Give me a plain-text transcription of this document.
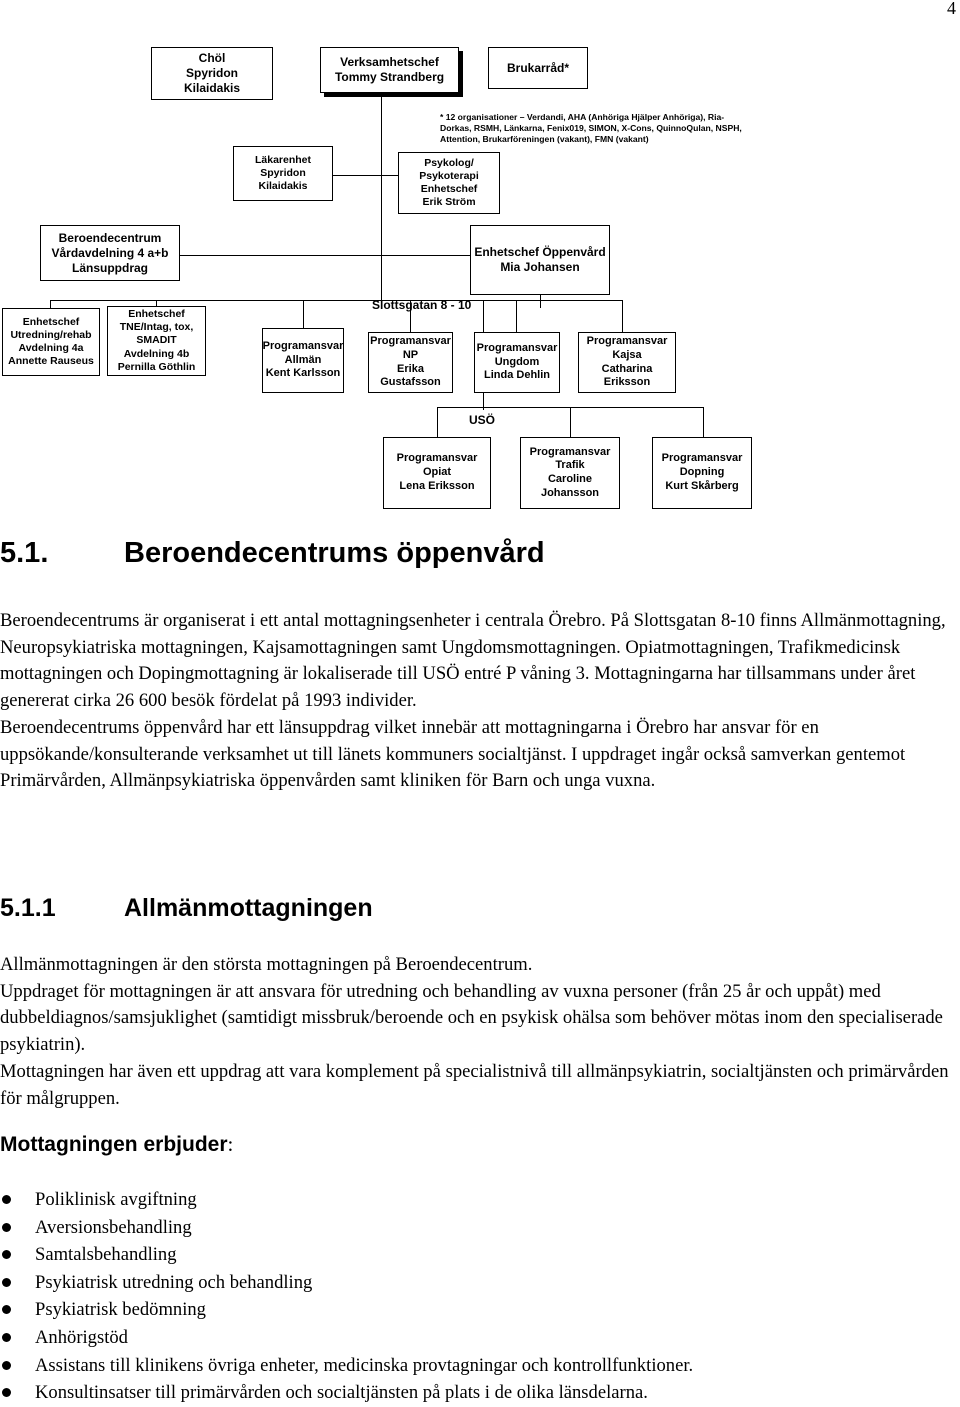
4
Chöl
Spyridon
Kilaidakis
Verksamhetschef
Tommy Strandberg
Brukarråd*
* 12 organisationer – Verdandi, AHA (Anhöriga Hjälper Anhöriga), Ria-
Dorkas, RSMH, Länkarna, Fenix019, SIMON, X-Cons, QuinnoQulan, NSPH,
Attention, Brukarföreningen (vakant), FMN (vakant)
Läkarenhet
Spyridon
Kilaidakis
Psykolog/
Psykoterapi
Enhetschef
Erik Ström
Beroendecentrum
Vårdavdelning 4 a+b
Länsuppdrag
Enhetschef Öppenvård
Mia Johansen
Enhetschef
Utredning/rehab
Avdelning 4a
Annette Rauseus
Enhetschef
TNE/Intag, tox,
SMADIT
Avdelning 4b
Pernilla Göthlin
Slottsgatan 8 - 10
Programansvar
Allmän
Kent Karlsson
Programansvar
NP
Erika Gustafsson
Programansvar
Ungdom
Linda Dehlin
Programansvar
Kajsa
Catharina Eriksson
USÖ
Programansvar
Opiat
Lena Eriksson
Programansvar
Trafik
Caroline
Johansson
Programansvar
Dopning
Kurt Skårberg
5.1.	Beroendecentrums öppenvård

Beroendecentrums är organiserat i ett antal mottagningsenheter i centrala Örebro. På Slottsgatan 8-10 finns Allmänmottagning, Neuropsykiatriska mottagningen, Kajsamottagningen samt Ungdomsmottagningen. Opiatmottagningen, Trafikmedicinsk mottagningen och Dopingmottagning är lokaliserade till USÖ entré P våning 3. Mottagningarna har tillsammans under året genererat cirka 26 600 besök fördelat på 1993 individer.

Beroendecentrums öppenvård har ett länsuppdrag vilket innebär att mottagningarna i Örebro har ansvar för en uppsökande/konsulterande verksamhet ut till länets kommuners socialtjänst. I uppdraget ingår också samverkan gentemot Primärvården, Allmänpsykiatriska öppenvården samt kliniken för Barn och unga vuxna.

5.1.1	Allmänmottagningen

Allmänmottagningen är den största mottagningen på Beroendecentrum.

Uppdraget för mottagningen är att ansvara för utredning och behandling av vuxna personer (från 25 år och uppåt) med dubbeldiagnos/samsjuklighet (samtidigt missbruk/beroende och en psykisk ohälsa som behöver mötas inom den specialiserade psykiatrin).

Mottagningen har även ett uppdrag att vara komplement på specialistnivå till allmänpsykiatrin, socialtjänsten och primärvården för målgruppen.

Mottagningen erbjuder:
Poliklinisk avgiftning
Aversionsbehandling
Samtalsbehandling
Psykiatrisk utredning och behandling
Psykiatrisk bedömning
Anhörigstöd
Assistans till klinikens övriga enheter, medicinska provtagningar och kontrollfunktioner.
Konsultinsatser till primärvården och socialtjänsten på plats i de olika länsdelarna.
